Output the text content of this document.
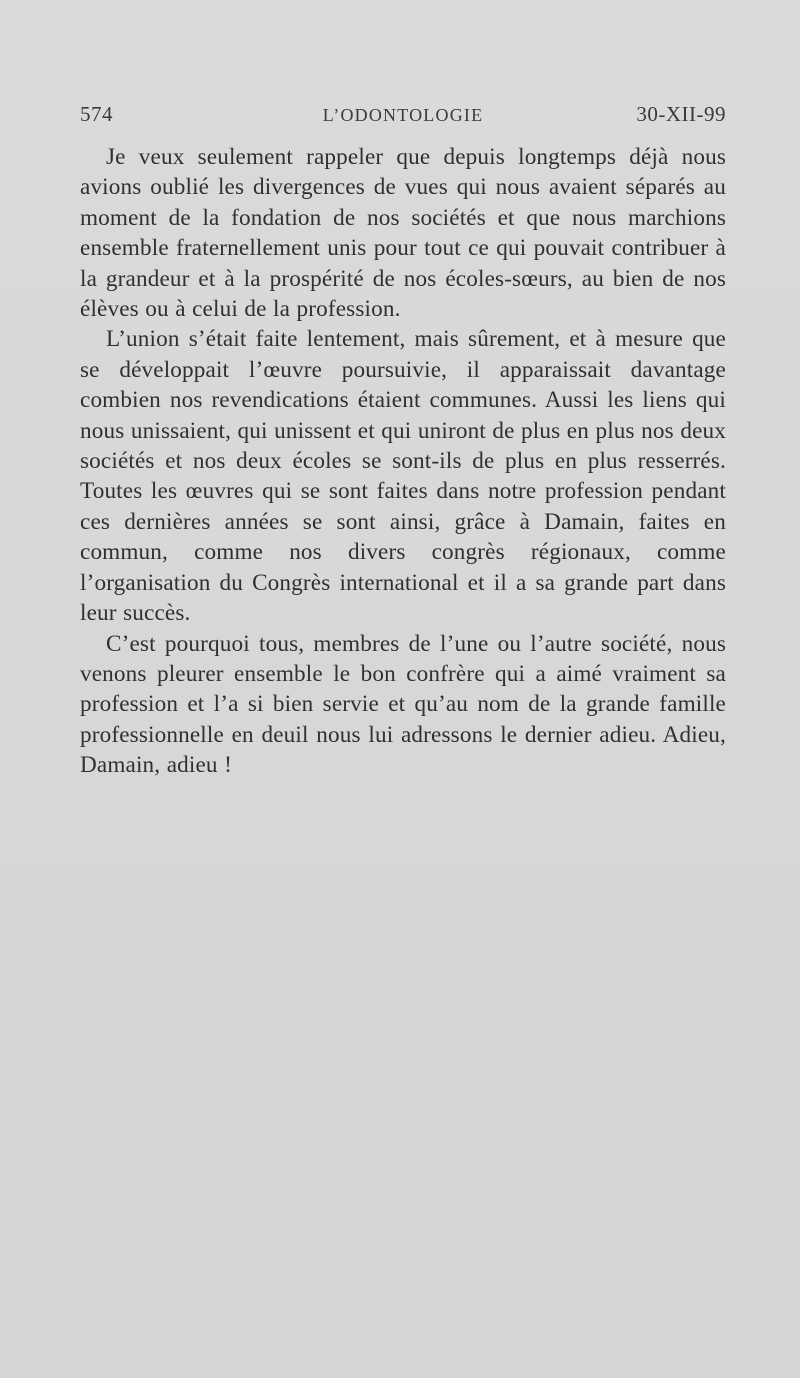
574	L’ODONTOLOGIE	30-XII-99

Je veux seulement rappeler que depuis longtemps déjà nous avions oublié les divergences de vues qui nous avaient séparés au moment de la fondation de nos sociétés et que nous marchions ensemble fraternellement unis pour tout ce qui pouvait contribuer à la grandeur et à la prospérité de nos écoles-sœurs, au bien de nos élèves ou à celui de la profession.

L’union s’était faite lentement, mais sûrement, et à mesure que se développait l’œuvre poursuivie, il apparaissait davantage combien nos revendications étaient communes. Aussi les liens qui nous unissaient, qui unissent et qui uniront de plus en plus nos deux sociétés et nos deux écoles se sont-ils de plus en plus resserrés. Toutes les œuvres qui se sont faites dans notre profession pendant ces dernières années se sont ainsi, grâce à Damain, faites en commun, comme nos divers congrès régionaux, comme l’organisation du Congrès international et il a sa grande part dans leur succès.

C’est pourquoi tous, membres de l’une ou l’autre société, nous venons pleurer ensemble le bon confrère qui a aimé vraiment sa profession et l’a si bien servie et qu’au nom de la grande famille professionnelle en deuil nous lui adressons le dernier adieu. Adieu, Damain, adieu !
